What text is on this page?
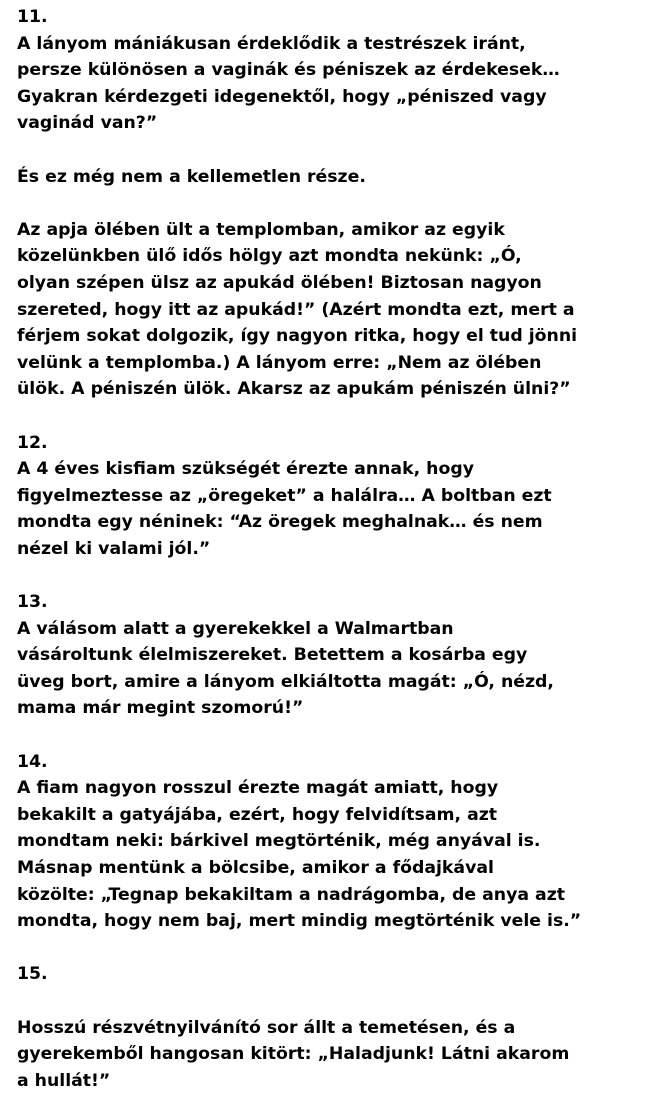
11.

A lányom mániákusan érdeklődik a testrészek iránt,
persze különösen a vaginák és péniszek az érdekesek…
Gyakran kérdezgeti idegenektől, hogy „péniszed vagy
vaginád van?”

És ez még nem a kellemetlen része.

Az apja ölében ült a templomban, amikor az egyik
közelünkben ülő idős hölgy azt mondta nekünk: „Ó,
olyan szépen ülsz az apukád ölében! Biztosan nagyon
szereted, hogy itt az apukád!” (Azért mondta ezt, mert a
férjem sokat dolgozik, így nagyon ritka, hogy el tud jönni
velünk a templomba.) A lányom erre: „Nem az ölében
ülök. A péniszén ülök. Akarsz az apukám péniszén ülni?”

12.

A 4 éves kisfiam szükségét érezte annak, hogy
figyelmeztesse az „öregeket” a halálra… A boltban ezt
mondta egy néninek: “Az öregek meghalnak… és nem
nézel ki valami jól.”

13.

A válásom alatt a gyerekekkel a Walmartban
vásároltunk élelmiszereket. Betettem a kosárba egy
üveg bort, amire a lányom elkiáltotta magát: „Ó, nézd,
mama már megint szomorú!”

14.

A fiam nagyon rosszul érezte magát amiatt, hogy
bekakilt a gatyájába, ezért, hogy felvidítsam, azt
mondtam neki: bárkivel megtörténik, még anyával is.
Másnap mentünk a bölcsibe, amikor a fődajkával
közölte: „Tegnap bekakiltam a nadrágomba, de anya azt
mondta, hogy nem baj, mert mindig megtörténik vele is.”

15.

Hosszú részvétnyilvánító sor állt a temetésen, és a
gyerekemből hangosan kitört: „Haladjunk! Látni akarom
a hullát!”
